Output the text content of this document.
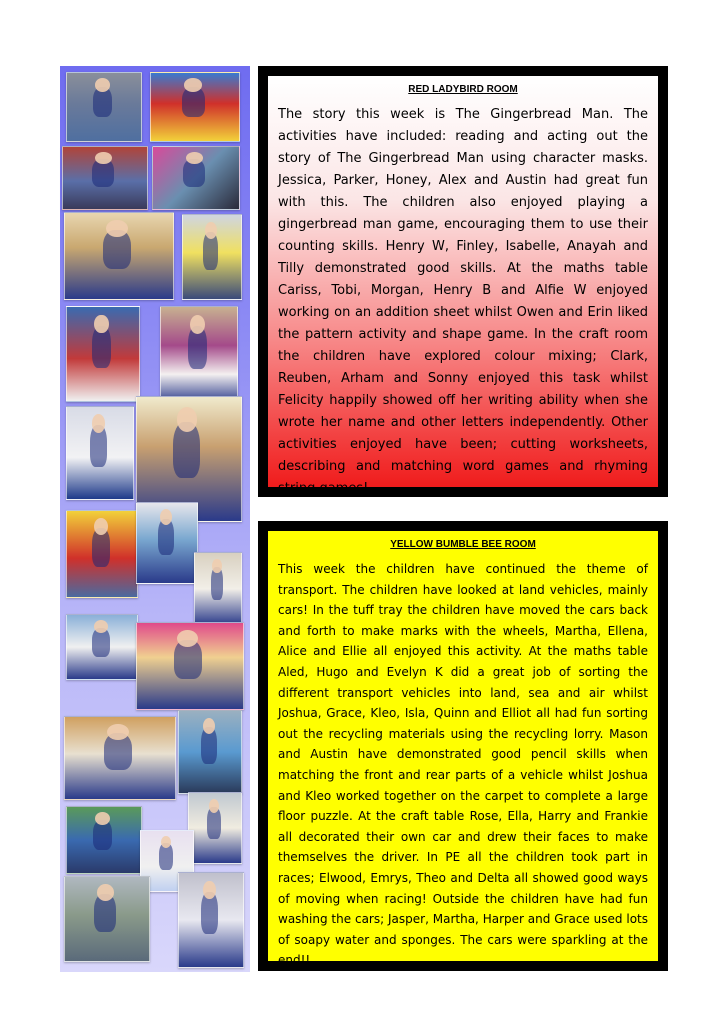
RED LADYBIRD ROOM

The story this week is The Gingerbread Man. The activities have included: reading and acting out the story of The Gingerbread Man using character masks. Jessica, Parker, Honey, Alex and Austin had great fun with this. The children also enjoyed playing a gingerbread man game, encouraging them to use their counting skills. Henry W, Finley, Isabelle, Anayah and Tilly demonstrated good skills. At the maths table Cariss, Tobi, Morgan, Henry B and Alfie W enjoyed working on an addition sheet whilst Owen and Erin liked the pattern activity and shape game. In the craft room the children have explored colour mixing; Clark, Reuben, Arham and Sonny enjoyed this task whilst Felicity happily showed off her writing ability when she wrote her name and other letters independently. Other activities enjoyed have been; cutting worksheets, describing and matching word games and rhyming string games!

YELLOW BUMBLE BEE ROOM

This week the children have continued the theme of transport. The children have looked at land vehicles, mainly cars! In the tuff tray the children have moved the cars back and forth to make marks with the wheels, Martha, Ellena, Alice and Ellie all enjoyed this activity. At the maths table Aled, Hugo and Evelyn K did a great job of sorting the different transport vehicles into land, sea and air whilst Joshua, Grace, Kleo, Isla, Quinn and Elliot all had fun sorting out the recycling materials using the recycling lorry. Mason and Austin have demonstrated good pencil skills when matching the front and rear parts of a vehicle whilst Joshua and Kleo worked together on the carpet to complete a large floor puzzle. At the craft table Rose, Ella, Harry and Frankie all decorated their own car and drew their faces to make themselves the driver. In PE all the children took part in races; Elwood, Emrys, Theo and Delta all showed good ways of moving when racing! Outside the children have had fun washing the cars; Jasper, Martha, Harper and Grace used lots of soapy water and sponges. The cars were sparkling at the end!!
